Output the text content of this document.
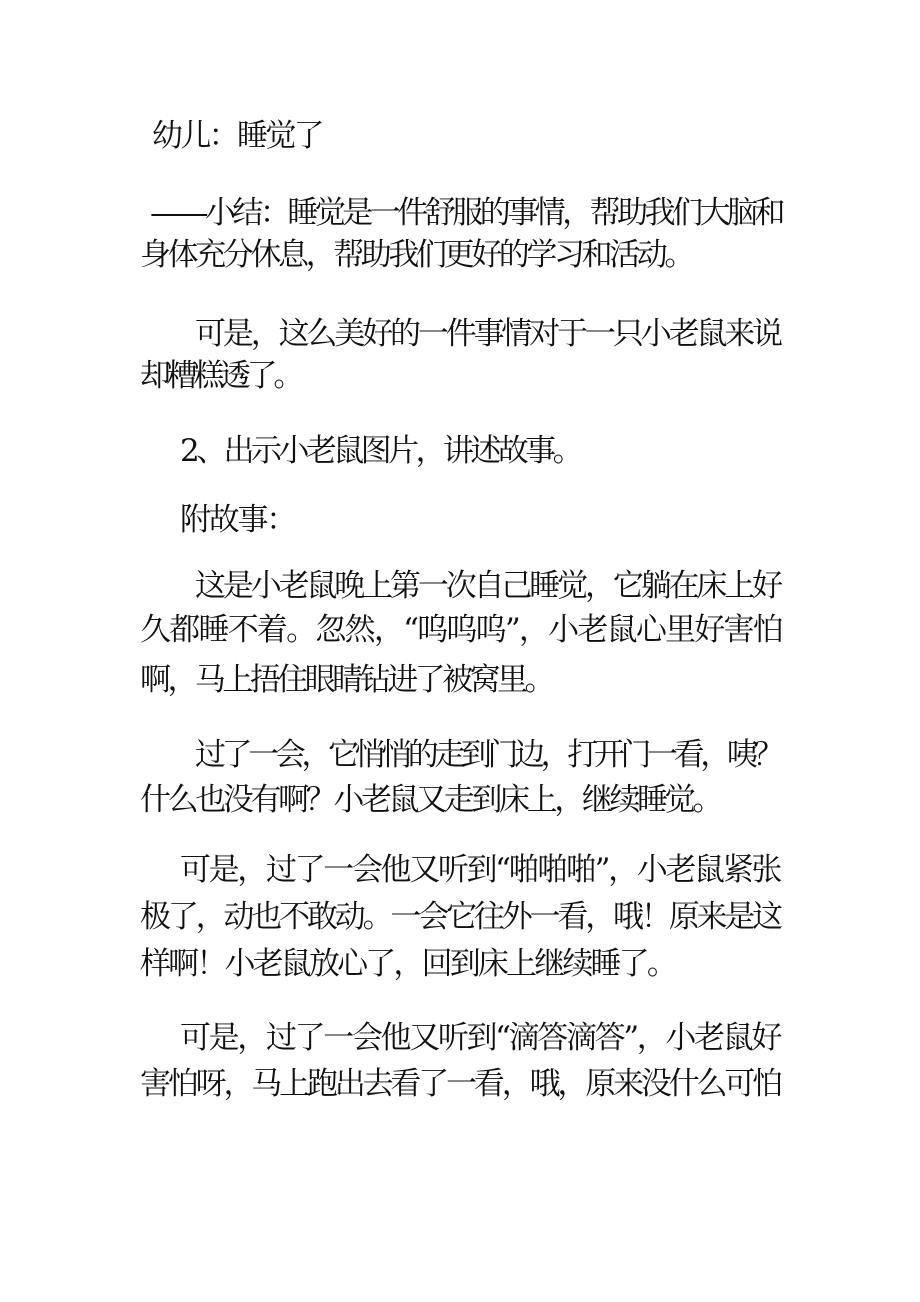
幼儿：睡觉了

——小结：睡觉是一件舒服的事情，帮助我们大脑和

身体充分休息，帮助我们更好的学习和活动。

可是，这么美好的一件事情对于一只小老鼠来说

却糟糕透了。

2、出示小老鼠图片，讲述故事。

附故事：

这是小老鼠晚上第一次自己睡觉，它躺在床上好

久都睡不着。忽然，“呜呜呜”，小老鼠心里好害怕

啊，马上捂住眼睛钻进了被窝里。

过了一会，它悄悄的走到门边，打开门一看，咦？

什么也没有啊？小老鼠又走到床上，继续睡觉。

可是，过了一会他又听到“啪啪啪”，小老鼠紧张

极了，动也不敢动。一会它往外一看，哦！原来是这

样啊！小老鼠放心了，回到床上继续睡了。

可是，过了一会他又听到“滴答滴答”，小老鼠好

害怕呀，马上跑出去看了一看，哦，原来没什么可怕
